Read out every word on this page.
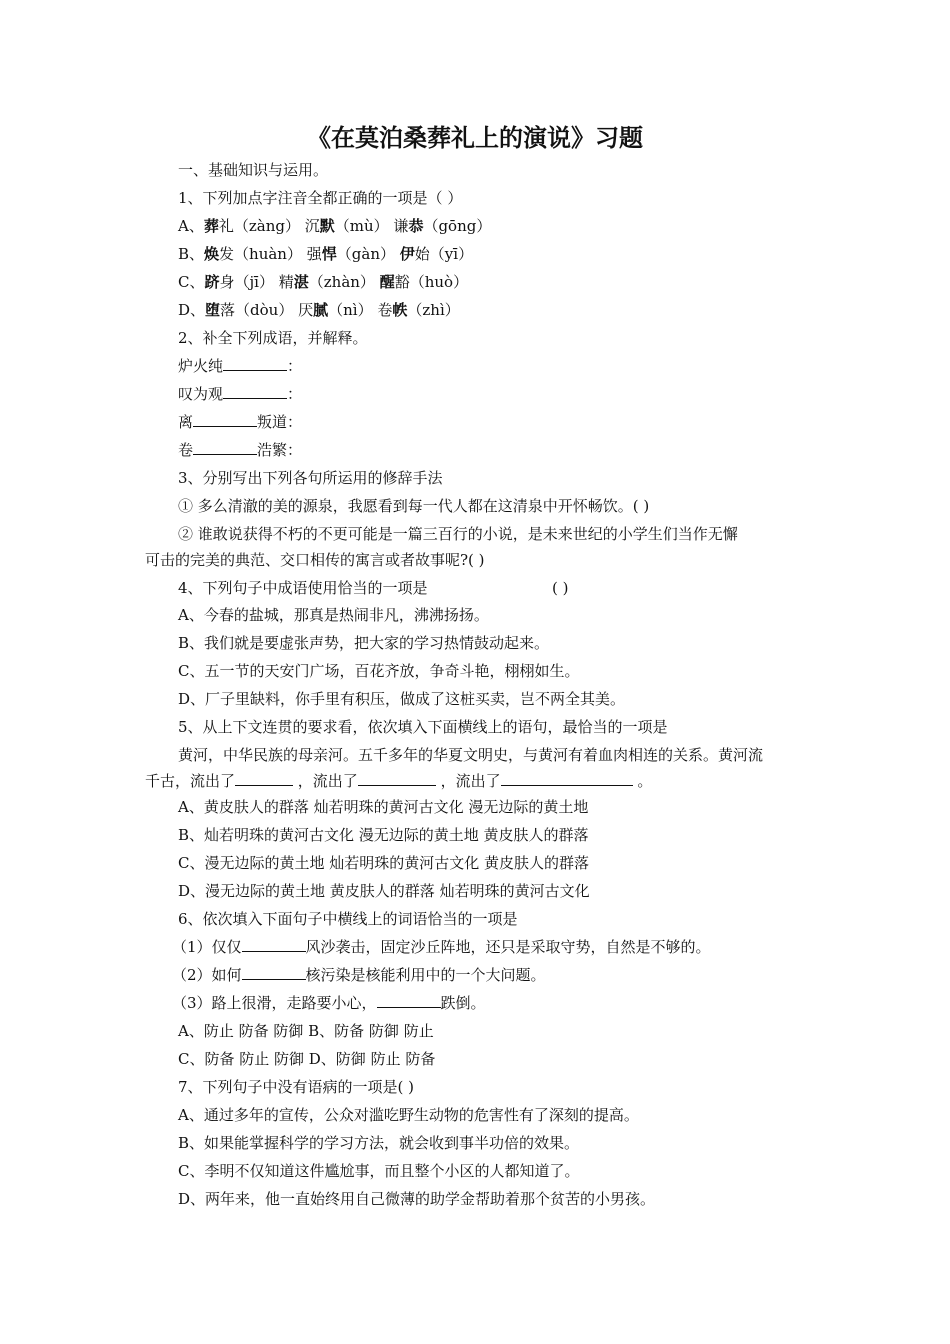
《在莫泊桑葬礼上的演说》习题
一、基础知识与运用。
1、下列加点字注音全都正确的一项是（ ）
A、葬礼（zàng） 沉默（mù） 谦恭（gōng）
B、焕发（huàn） 强悍（gàn） 伊始（yī）
C、跻身（jī） 精湛（zhàn） 醒豁（huò）
D、堕落（dòu） 厌腻（nì） 卷帙（zhì）
2、补全下列成语，并解释。
炉火纯	：
叹为观	：
离	叛道：
卷	浩繁：
3、分别写出下列各句所运用的修辞手法
① 多么清澈的美的源泉，我愿看到每一代人都在这清泉中开怀畅饮。( )
② 谁敢说获得不朽的不更可能是一篇三百行的小说，是未来世纪的小学生们当作无懈
可击的完美的典范、交口相传的寓言或者故事呢?( )
4、下列句子中成语使用恰当的一项是	( )
A、今春的盐城，那真是热闹非凡，沸沸扬扬。
B、我们就是要虚张声势，把大家的学习热情鼓动起来。
C、五一节的天安门广场，百花齐放，争奇斗艳，栩栩如生。
D、厂子里缺料，你手里有积压，做成了这桩买卖，岂不两全其美。
5、从上下文连贯的要求看，依次填入下面横线上的语句，最恰当的一项是
黄河，中华民族的母亲河。五千多年的华夏文明史，与黄河有着血肉相连的关系。黄河流
千古，流出了	，流出了	，流出了	。
A、黄皮肤人的群落 灿若明珠的黄河古文化 漫无边际的黄土地
B、灿若明珠的黄河古文化 漫无边际的黄土地 黄皮肤人的群落
C、漫无边际的黄土地 灿若明珠的黄河古文化 黄皮肤人的群落
D、漫无边际的黄土地 黄皮肤人的群落 灿若明珠的黄河古文化
6、依次填入下面句子中横线上的词语恰当的一项是
（1）仅仅	风沙袭击，固定沙丘阵地，还只是采取守势，自然是不够的。
（2）如何	核污染是核能利用中的一个大问题。
（3）路上很滑，走路要小心，	跌倒。
A、防止 防备 防御 B、防备 防御 防止
C、防备 防止 防御 D、防御 防止 防备
7、下列句子中没有语病的一项是( )
A、通过多年的宣传，公众对滥吃野生动物的危害性有了深刻的提高。
B、如果能掌握科学的学习方法，就会收到事半功倍的效果。
C、李明不仅知道这件尴尬事，而且整个小区的人都知道了。
D、两年来，他一直始终用自己微薄的助学金帮助着那个贫苦的小男孩。
